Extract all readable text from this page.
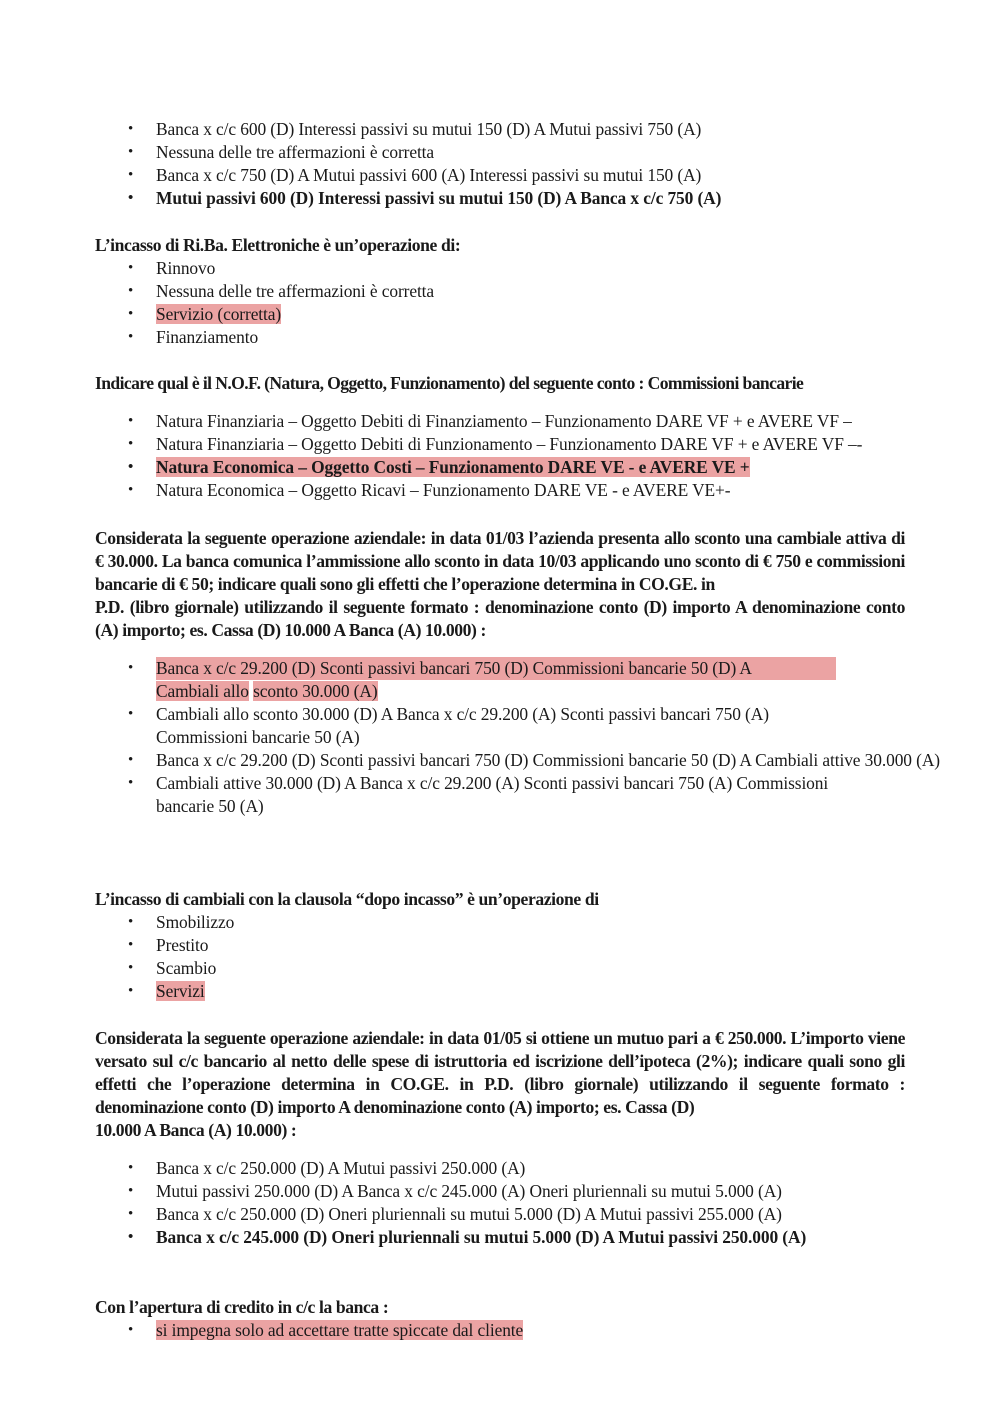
• Banca x c/c 600 (D) Interessi passivi su mutui 150 (D) A Mutui passivi 750 (A)
• Nessuna delle tre affermazioni è corretta
• Banca x c/c 750 (D) A Mutui passivi 600 (A) Interessi passivi su mutui 150 (A)
• Mutui passivi 600 (D) Interessi passivi su mutui 150 (D) A Banca x c/c 750 (A)

L’incasso di Ri.Ba. Elettroniche è un’operazione di:

• Rinnovo
• Nessuna delle tre affermazioni è corretta
• Servizio (corretta)
• Finanziamento

Indicare qual è il N.O.F. (Natura, Oggetto, Funzionamento) del seguente conto : Commissioni bancarie

• Natura Finanziaria – Oggetto Debiti di Finanziamento – Funzionamento DARE VF + e AVERE VF –
• Natura Finanziaria – Oggetto Debiti di Funzionamento – Funzionamento DARE VF + e AVERE VF –-
• Natura Economica – Oggetto Costi – Funzionamento DARE VE - e AVERE VE +
• Natura Economica – Oggetto Ricavi – Funzionamento DARE VE - e AVERE VE+-

Considerata la seguente operazione aziendale: in data 01/03 l’azienda presenta allo sconto una cambiale attiva di € 30.000. La banca comunica l’ammissione allo sconto in data 10/03 applicando uno sconto di € 750 e commissioni bancarie di € 50; indicare quali sono gli effetti che l’operazione determina in CO.GE. in

P.D. (libro giornale) utilizzando il seguente formato : denominazione conto (D) importo A denominazione conto (A) importo; es. Cassa (D) 10.000 A Banca (A) 10.000) :

• Banca x c/c 29.200 (D) Sconti passivi bancari 750 (D) Commissioni bancarie 50 (D) A
Cambiali allo sconto 30.000 (A)
• Cambiali allo sconto 30.000 (D) A Banca x c/c 29.200 (A) Sconti passivi bancari 750 (A) Commissioni bancarie 50 (A)
• Banca x c/c 29.200 (D) Sconti passivi bancari 750 (D) Commissioni bancarie 50 (D) A Cambiali attive 30.000 (A)
• Cambiali attive 30.000 (D) A Banca x c/c 29.200 (A) Sconti passivi bancari 750 (A) Commissioni bancarie 50 (A)

L’incasso di cambiali con la clausola “dopo incasso” è un’operazione di

• Smobilizzo
• Prestito
• Scambio
• Servizi

Considerata la seguente operazione aziendale: in data 01/05 si ottiene un mutuo pari a € 250.000. L’importo viene versato sul c/c bancario al netto delle spese di istruttoria ed iscrizione dell’ipoteca (2%); indicare quali sono gli effetti che l’operazione determina in CO.GE. in P.D. (libro giornale) utilizzando il seguente formato : denominazione conto (D) importo A denominazione conto (A) importo; es. Cassa (D)

10.000 A Banca (A) 10.000) :

• Banca x c/c 250.000 (D) A Mutui passivi 250.000 (A)
• Mutui passivi 250.000 (D) A Banca x c/c 245.000 (A) Oneri pluriennali su mutui 5.000 (A)
• Banca x c/c 250.000 (D) Oneri pluriennali su mutui 5.000 (D) A Mutui passivi 255.000 (A)
• Banca x c/c 245.000 (D) Oneri pluriennali su mutui 5.000 (D) A Mutui passivi 250.000 (A)

Con l’apertura di credito in c/c la banca :

• si impegna solo ad accettare tratte spiccate dal cliente
